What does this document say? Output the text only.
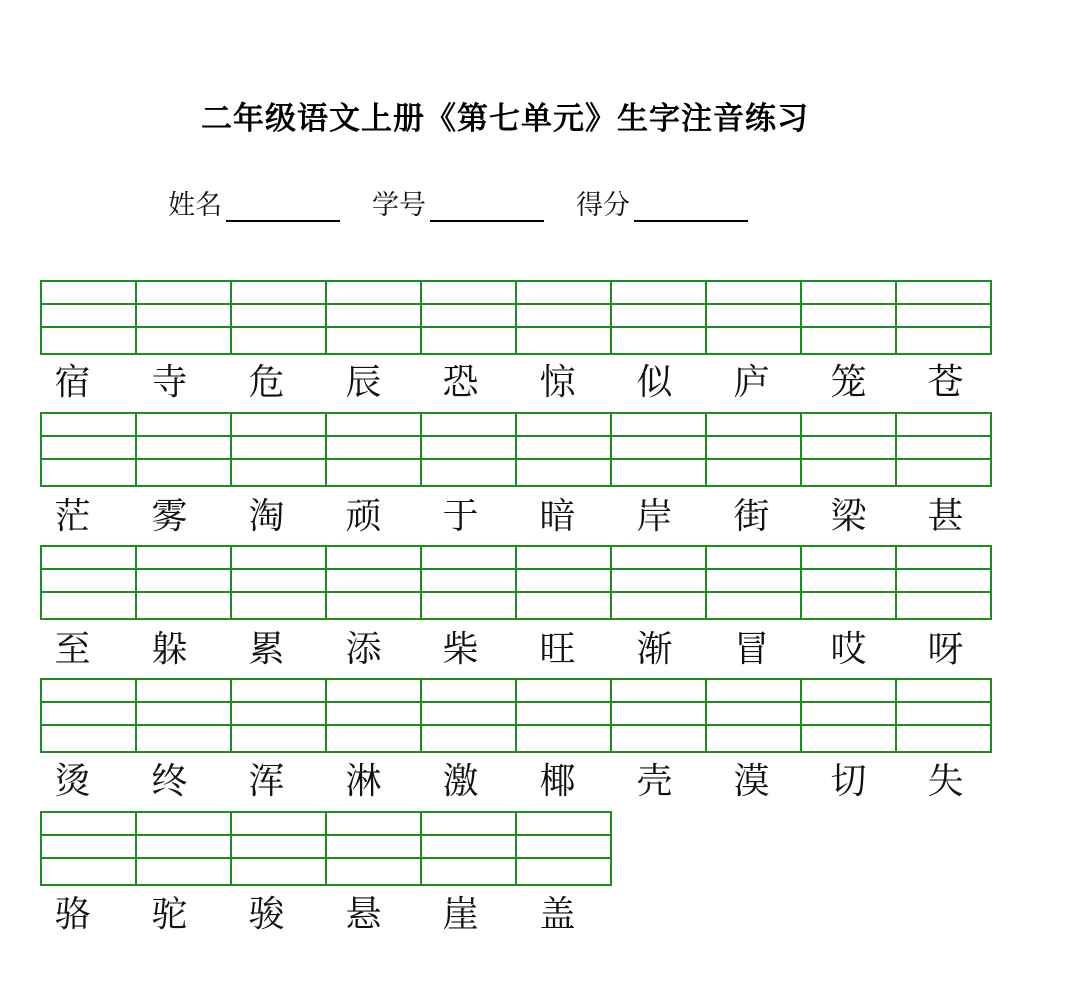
二年级语文上册《第七单元》生字注音练习
姓名	学号	得分
宿	寺	危	辰	恐	惊	似	庐	笼	苍
茫	雾	淘	顽	于	暗	岸	街	梁	甚
至	躲	累	添	柴	旺	渐	冒	哎	呀
烫	终	浑	淋	激	椰	壳	漠	切	失
骆	驼	骏	悬	崖	盖
